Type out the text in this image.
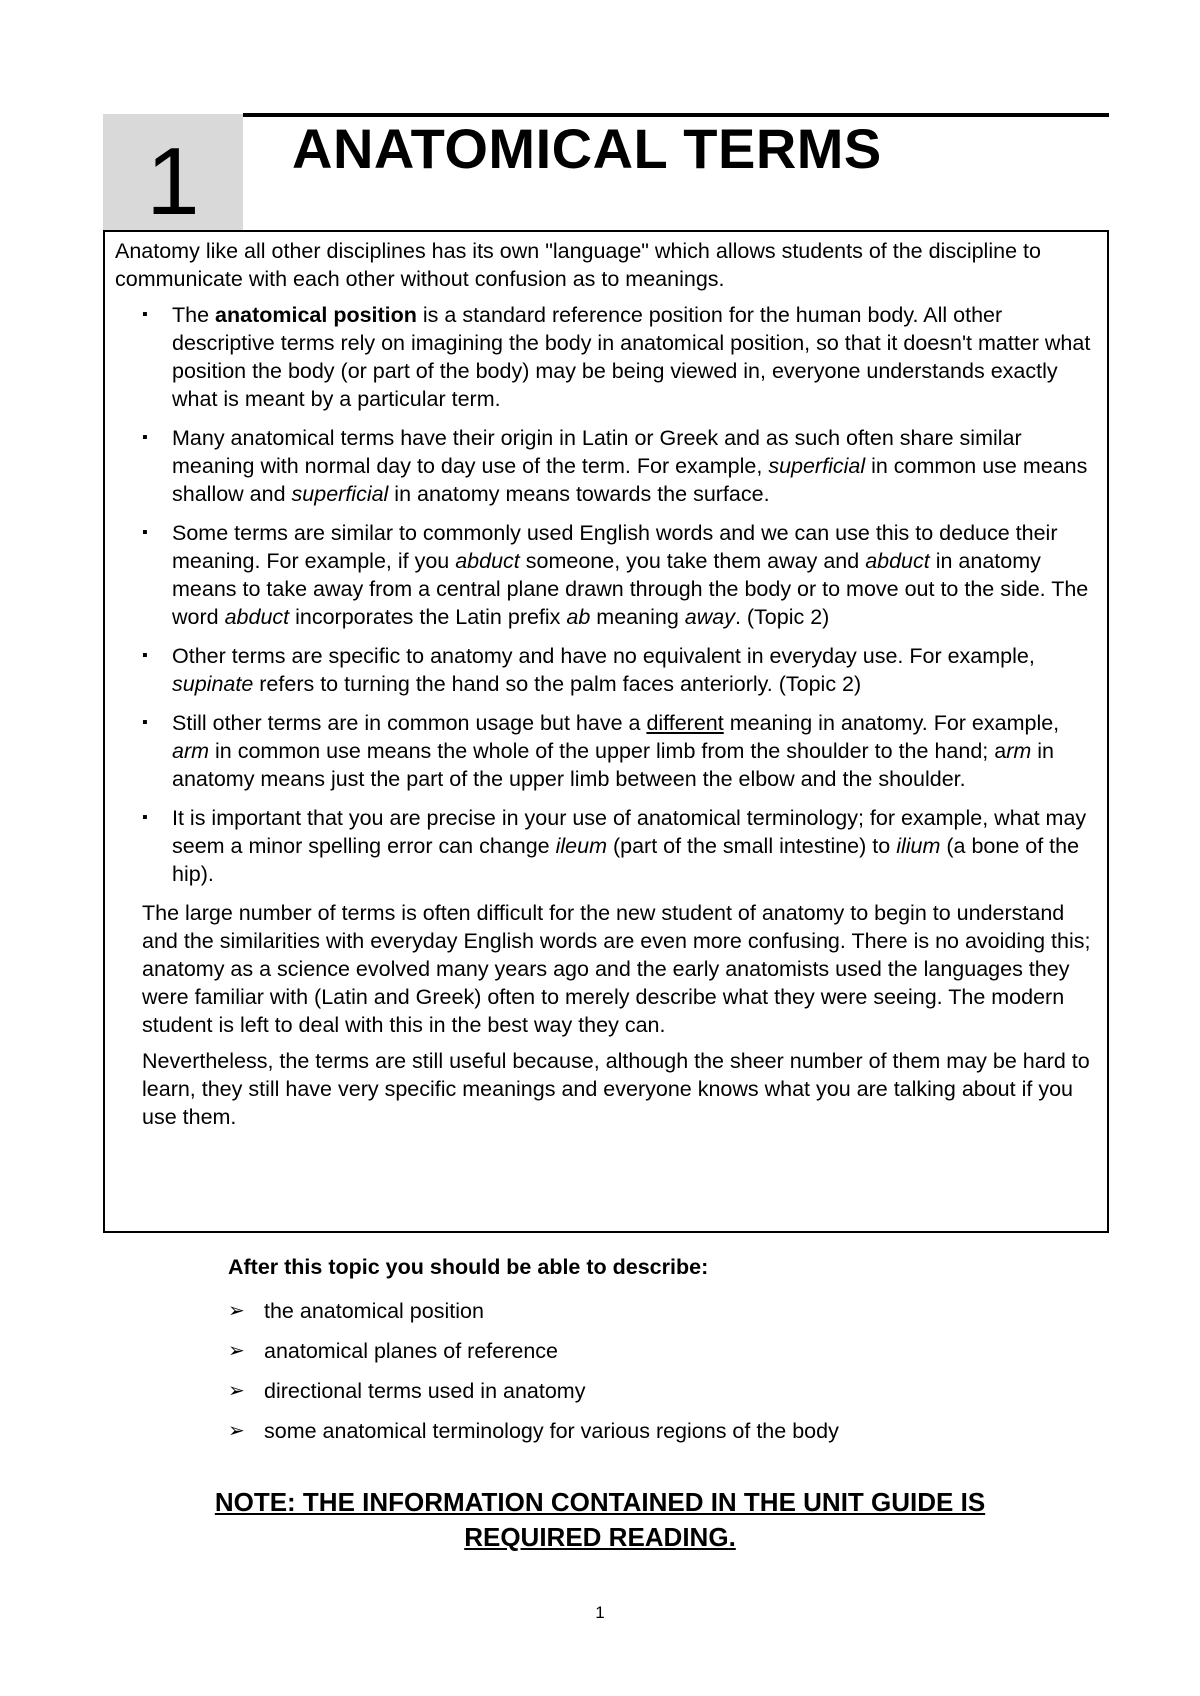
1 ANATOMICAL TERMS

Anatomy like all other disciplines has its own "language" which allows students of the discipline to communicate with each other without confusion as to meanings.

▪ The anatomical position is a standard reference position for the human body. All other descriptive terms rely on imagining the body in anatomical position, so that it doesn't matter what position the body (or part of the body) may be being viewed in, everyone understands exactly what is meant by a particular term.
▪ Many anatomical terms have their origin in Latin or Greek and as such often share similar meaning with normal day to day use of the term. For example, superficial in common use means shallow and superficial in anatomy means towards the surface.
▪ Some terms are similar to commonly used English words and we can use this to deduce their meaning. For example, if you abduct someone, you take them away and abduct in anatomy means to take away from a central plane drawn through the body or to move out to the side. The word abduct incorporates the Latin prefix ab meaning away. (Topic 2)
▪ Other terms are specific to anatomy and have no equivalent in everyday use. For example, supinate refers to turning the hand so the palm faces anteriorly. (Topic 2)
▪ Still other terms are in common usage but have a different meaning in anatomy. For example, arm in common use means the whole of the upper limb from the shoulder to the hand; arm in anatomy means just the part of the upper limb between the elbow and the shoulder.
▪ It is important that you are precise in your use of anatomical terminology; for example, what may seem a minor spelling error can change ileum (part of the small intestine) to ilium (a bone of the hip).

The large number of terms is often difficult for the new student of anatomy to begin to understand and the similarities with everyday English words are even more confusing. There is no avoiding this; anatomy as a science evolved many years ago and the early anatomists used the languages they were familiar with (Latin and Greek) often to merely describe what they were seeing. The modern student is left to deal with this in the best way they can.

Nevertheless, the terms are still useful because, although the sheer number of them may be hard to learn, they still have very specific meanings and everyone knows what you are talking about if you use them.

After this topic you should be able to describe:

➢ the anatomical position
➢ anatomical planes of reference
➢ directional terms used in anatomy
➢ some anatomical terminology for various regions of the body
NOTE: THE INFORMATION CONTAINED IN THE UNIT GUIDE IS
REQUIRED READING.
1
